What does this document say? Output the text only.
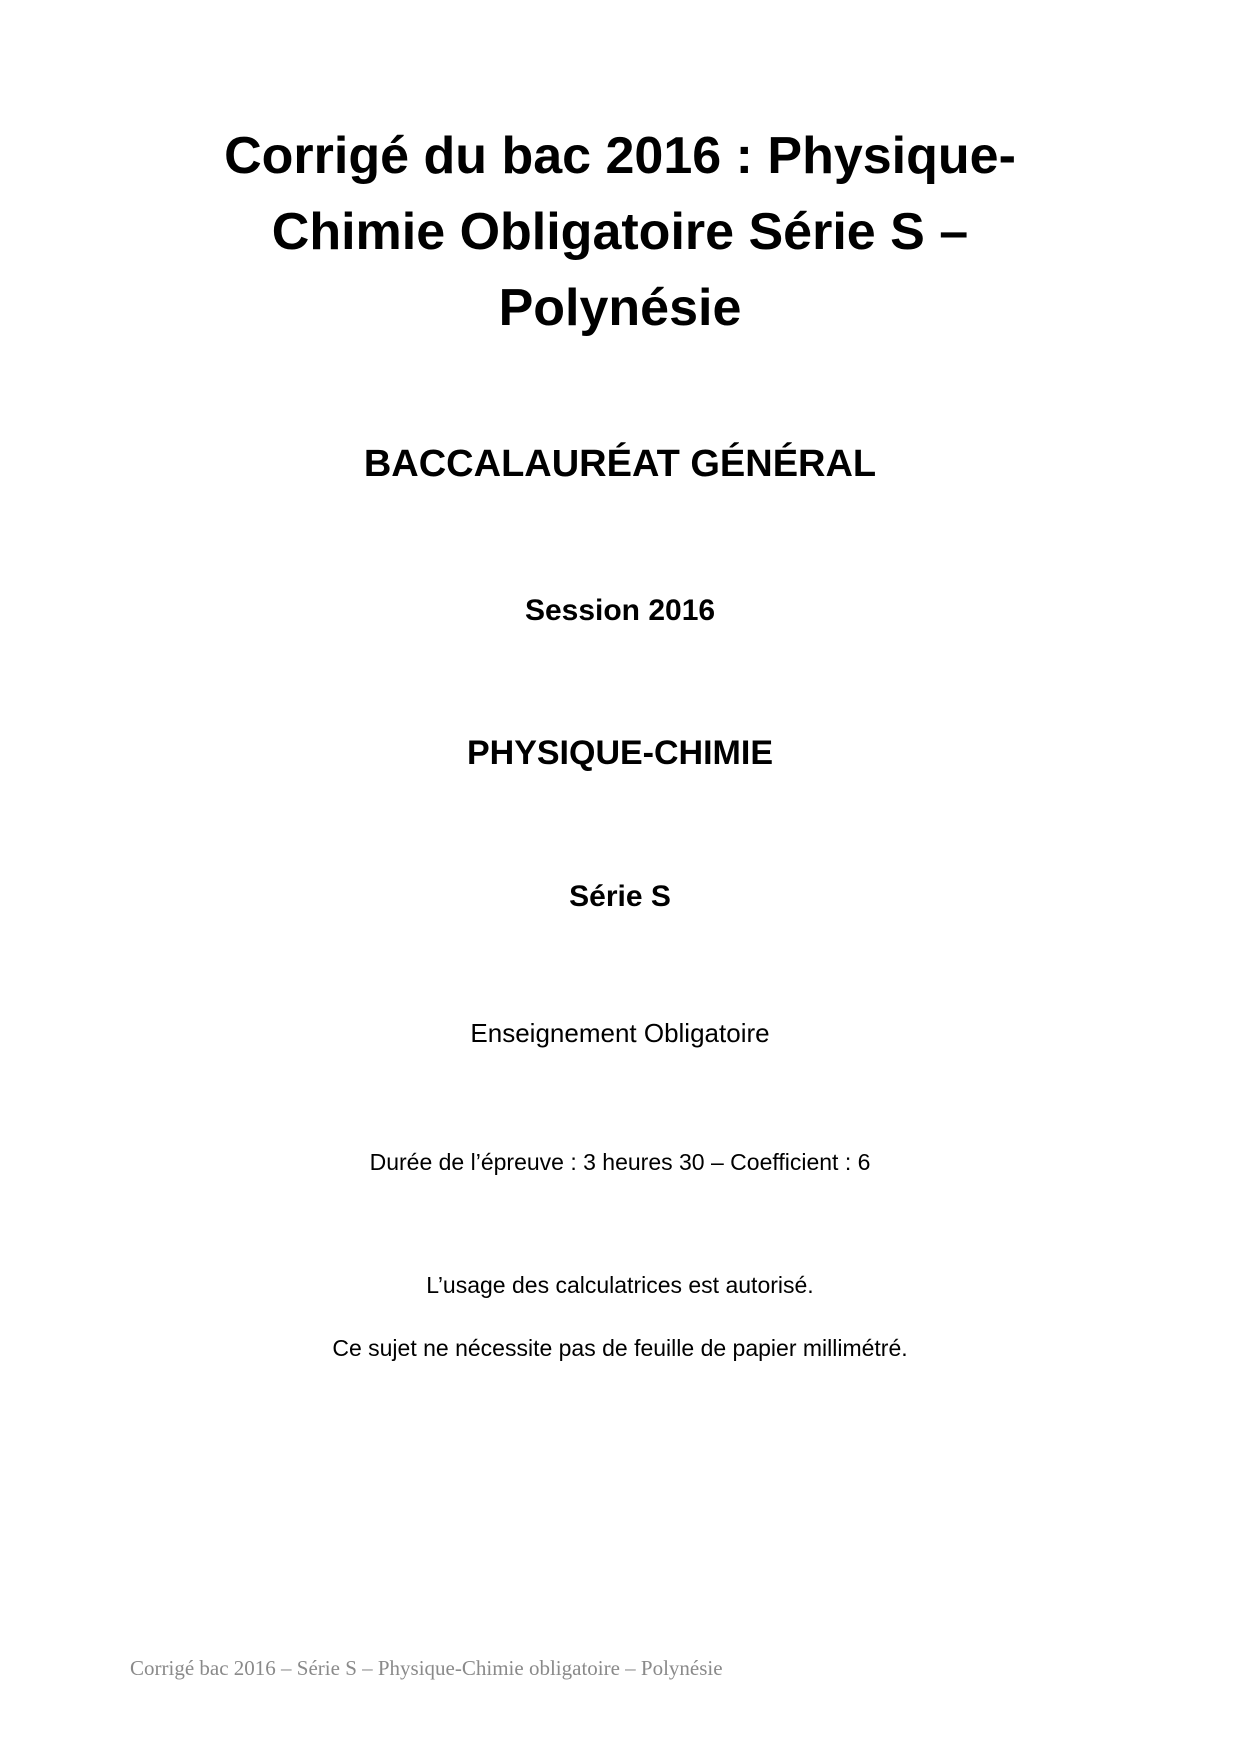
Corrigé du bac 2016 : Physique-
Chimie Obligatoire Série S –
Polynésie
BACCALAURÉAT GÉNÉRAL
Session 2016
PHYSIQUE-CHIMIE
Série S
Enseignement Obligatoire
Durée de l’épreuve : 3 heures 30 – Coefficient : 6
L’usage des calculatrices est autorisé.
Ce sujet ne nécessite pas de feuille de papier millimétré.
Corrigé bac 2016 – Série S – Physique-Chimie obligatoire – Polynésie
